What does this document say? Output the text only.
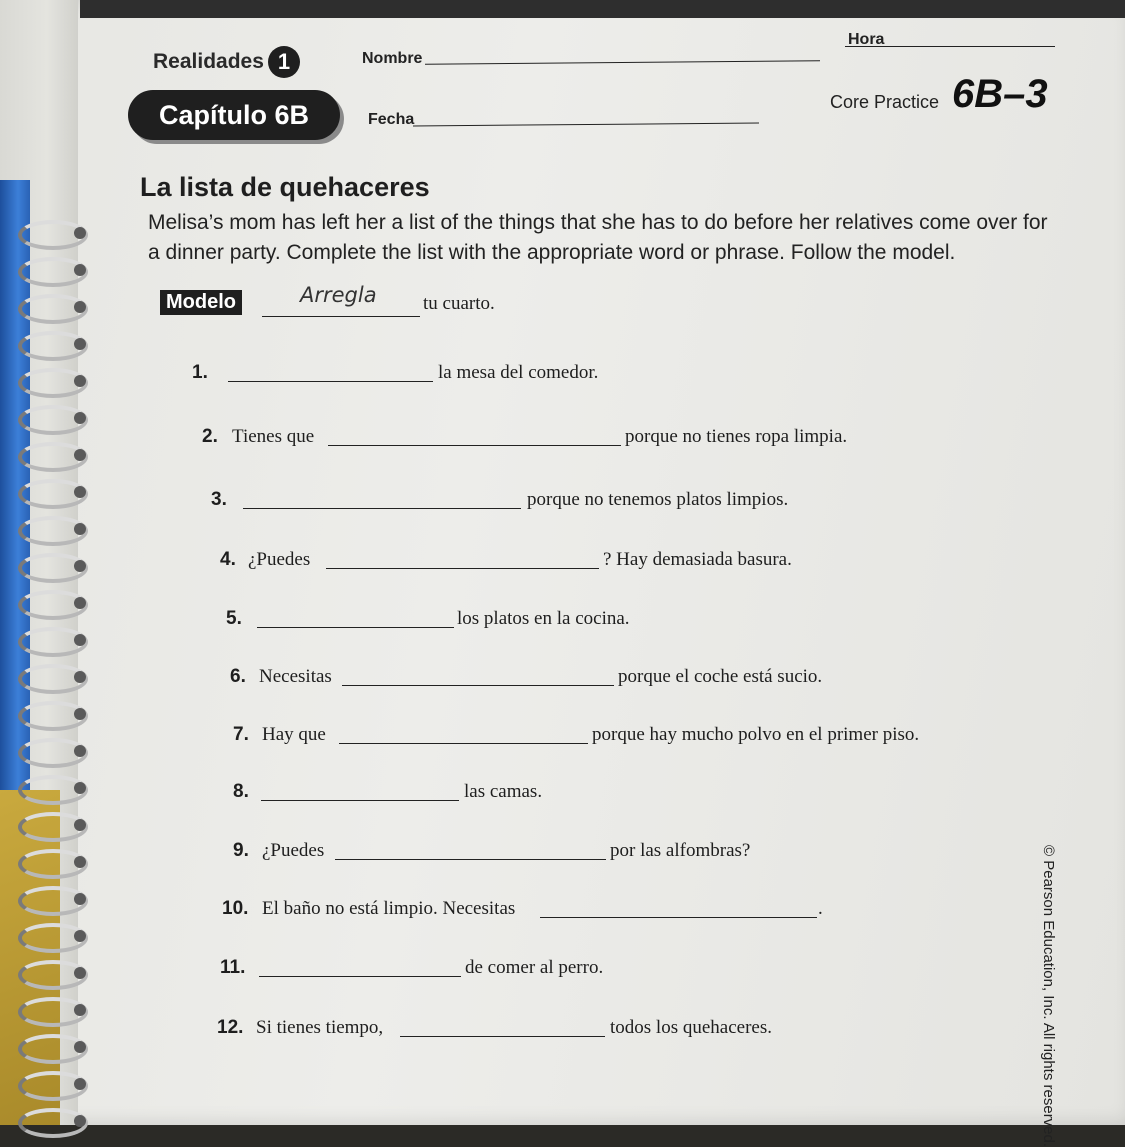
Realidades 1
Capítulo 6B
Nombre
Hora
Fecha
Core Practice 6B–3
La lista de quehaceres
Melisa’s mom has left her a list of the things that she has to do before her relatives come over for a dinner party. Complete the list with the appropriate word or phrase. Follow the model.
Modelo	Arregla tu cuarto.
1.	la mesa del comedor.
2. Tienes que	porque no tienes ropa limpia.
3.	porque no tenemos platos limpios.
4. ¿Puedes	? Hay demasiada basura.
5.	los platos en la cocina.
6. Necesitas	porque el coche está sucio.
7. Hay que	porque hay mucho polvo en el primer piso.
8.	las camas.
9. ¿Puedes	por las alfombras?
10. El baño no está limpio. Necesitas	.
11.	de comer al perro.
12. Si tienes tiempo,	todos los quehaceres.	© Pearson Education, Inc. All rights reserved.
